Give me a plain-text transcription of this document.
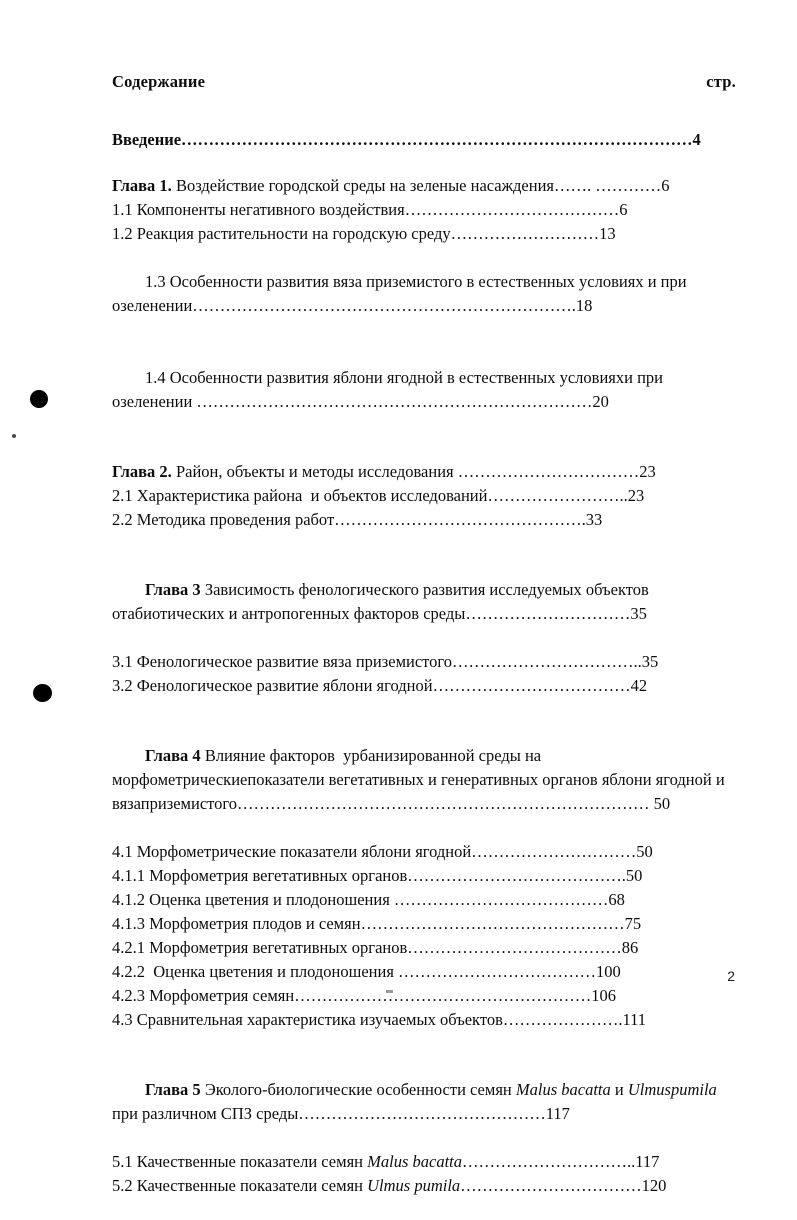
Содержание	стр.
Введение…………………………………………………………………………………4
Глава 1. Воздействие городской среды на зеленые насаждения……. …………6
1.1 Компоненты негативного воздействия…………………………………6
1.2 Реакция растительности на городскую среду………………………13

1.3 Особенности развития вяза приземистого в естественных условиях и при озеленении…………………………………………………………….18

1.4 Особенности развития яблони ягодной в естественных условияхи при озеленении ………………………………………………………………20

Глава 2. Район, объекты и методы исследования ……………………………23
2.1 Характеристика района  и объектов исследований……………………..23
2.2 Методика проведения работ……………………………………….33

Глава 3 Зависимость фенологического развития исследуемых объектов отабиотических и антропогенных факторов среды…………………………35

3.1 Фенологическое развитие вяза приземистого……………………………..35
3.2 Фенологическое развитие яблони ягодной………………………………42

Глава 4 Влияние факторов  урбанизированной среды на морфометрическиепоказатели вегетативных и генеративных органов яблони ягодной и вязаприземистого………………………………………………………………… 50

4.1 Морфометрические показатели яблони ягодной…………………………50
4.1.1 Морфометрия вегетативных органов………………………………….50
4.1.2 Оценка цветения и плодоношения …………………………………68
4.1.3 Морфометрия плодов и семян…………………………………………75
4.2.1 Морфометрия вегетативных органов…………………………………86
4.2.2  Оценка цветения и плодоношения ………………………………100
4.2.3 Морфометрия семян………………………………………………106
4.3 Сравнительная характеристика изучаемых объектов………………….111

Глава 5 Эколого-биологические особенности семян Malus bacatta и Ulmuspumila при различном СПЗ среды………………………………………117

5.1 Качественные показатели семян Malus bacatta…………………………..117
5.2 Качественные показатели семян Ulmus pumila……………………………120
2
